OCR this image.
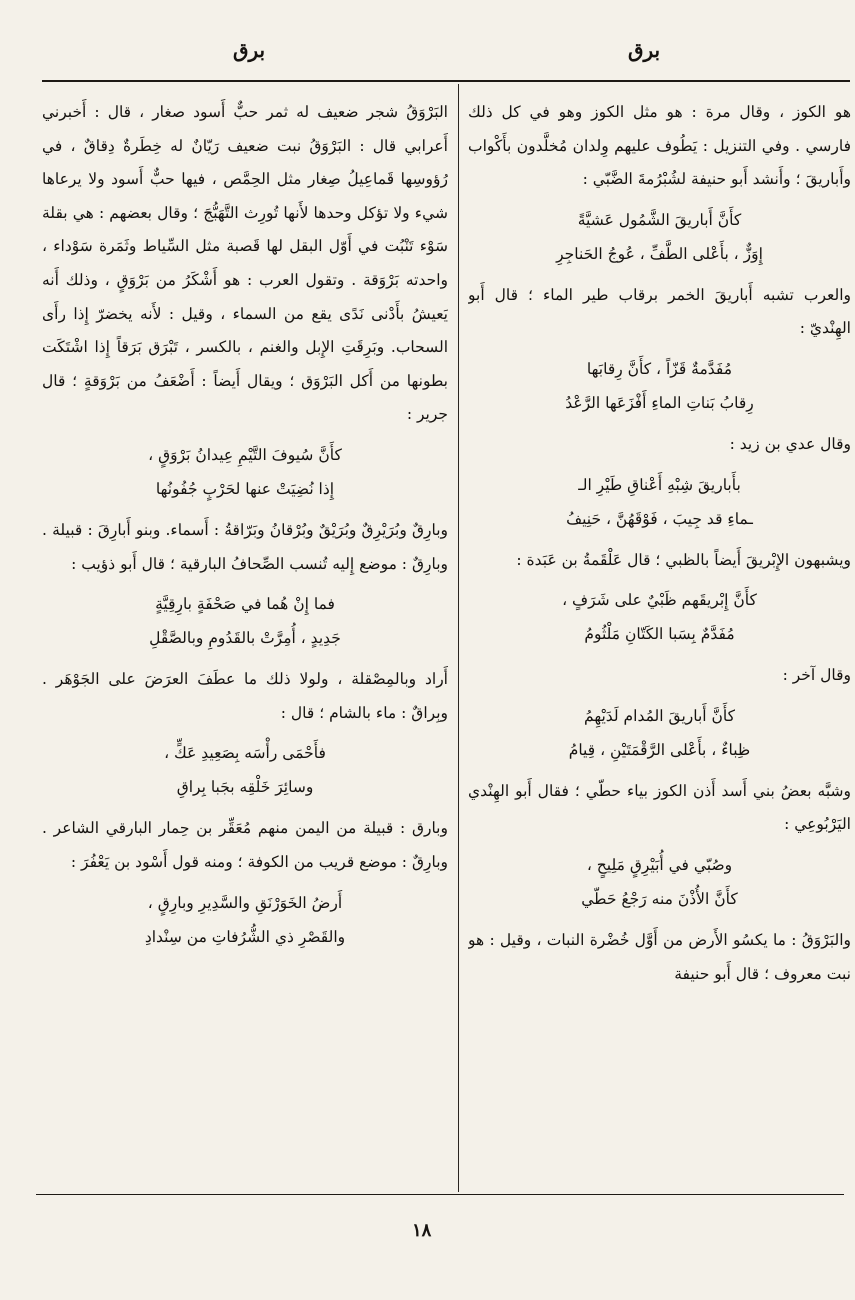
برق
برق

هو الكوز ، وقال مرة : هو مثل الكوز وهو في كل ذلك فارسي . وفي التنزيل : يَطُوف عليهم وِلدان مُخلَّدون بأَكْواب وأَباريقَ ؛ وأَنشد أَبو حنيفة لشُبْرُمةَ الضَّبّي :

كأَنَّ أَباريقَ الشَّمُول عَشيَّةً
إِوَزٌّ ، بأَعْلى الطَّفِّ ، عُوجُ الحَناجِرِ

والعرب تشبه أَباريقَ الخمر برقاب طير الماء ؛ قال أَبو الهِنْديّ :

مُفَدَّمةٌ قَزّاً ، كأَنَّ رِقابَها
رِقابُ بَناتِ الماءِ أَفْزَعَها الرَّعْدُ

وقال عدي بن زيد :

بأَباريقَ شِبْهِ أَعْناقِ طَيْرِ الـ
ـماءِ قد جِيبَ ، فَوْقَهُنَّ ، حَنِيفُ

ويشبهون الإِبْريقَ أَيضاً بالظبي ؛ قال عَلْقَمةُ بن عَبَدة :

كأَنَّ إِبْريقَهم ظَبْيٌ على شَرَفٍ ،
مُفَدَّمٌ بِسَبا الكَتّانِ مَلْثُومُ

وقال آخر :

كأَنَّ أَباريقَ المُدام لَدَيْهِمُ
ظِباءٌ ، بأَعْلى الرَّقْمَتَيْنِ ، قِيامُ

وشبَّه بعضُ بني أَسد أَذن الكوز بياء حطّي ؛ فقال أَبو الهِنْدي اليَرْبُوعِي :

وصُبّي في أُبَيْرِقٍ مَلِيحٍ ،
كأَنَّ الأُذْنَ منه رَجْعُ حَطّي

والبَرْوَقُ : ما يكسُو الأَرض من أَوَّل خُضْرة النبات ، وقيل : هو نبت معروف ؛ قال أَبو حنيفة

البَرْوَقُ شجر ضعيف له ثمر حبٌّ أَسود صغار ، قال : أَخبرني أَعرابي قال : البَرْوَقُ نبت ضعيف رَيّانٌ له خِطَرةٌ دِقاقٌ ، في رُؤوسِها قَماعِيلُ صِغار مثل الحِمَّص ، فيها حبٌّ أَسود ولا يرعاها شيء ولا تؤكل وحدها لأَنها تُورِث التَّهَبُّجَ ؛ وقال بعضهم : هي بقلة سَوْء تَنْبُت في أَوّل البقل لها قَصبة مثل السِّياط وثَمَرة سَوْداء ، واحدته بَرْوَقة . وتقول العرب : هو أَشْكَرُ من بَرْوَقٍ ، وذلك أَنه يَعيشُ بأَدْنى نَدًى يقع من السماء ، وقيل : لأَنه يخضرّ إِذا رأَى السحاب. وبَرِقَتِ الإِبل والغنم ، بالكسر ، تَبْرَق بَرَقاً إِذا اشْتَكَت بطونها من أَكل البَرْوَق ؛ ويقال أَيضاً : أَضْعَفُ من بَرْوَقةٍ ؛ قال جرير :

كأَنَّ سُيوفَ التَّيْمِ عِيدانُ بَرْوَقٍ ،
إِذا نُضِيَتْ عنها لحَرْبٍ جُفُونُها

وبارِقٌ وبُرَيْرِقٌ وبُرَيْقٌ وبُرْقانُ وبَرّاقةُ : أَسماء. وبنو أَبارِقَ : قبيلة . وبارِقٌ : موضع إِليه تُنسب الصِّحافُ البارقية ؛ قال أَبو ذؤيب :

فما إِنْ هُما في صَحْفَةٍ بارِقِيَّةٍ
جَدِيدٍ ، أُمِرَّتْ بالقَدُومِ وبالصَّقْلِ

أَراد وبالمِصْقلة ، ولولا ذلك ما عطَفَ العرَضَ على الجَوْهَر . وبِراقٌ : ماء بالشام ؛ قال :

فأَحْمَى رأْسَه بِصَعِيدِ عَكٍّ ،
وسائِرَ خَلْقِه بجَبا بِراقِ

وبارق : قبيلة من اليمن منهم مُعَقِّر بن حِمار البارقي الشاعر . وبارِقٌ : موضع قريب من الكوفة ؛ ومنه قول أَسْود بن يَعْفُرَ :

أَرضُ الخَوَرْنَقِ والسَّدِيرِ وبارِقٍ ،
والقَصْرِ ذي الشُّرُفاتِ من سِنْدادِ
١٨
